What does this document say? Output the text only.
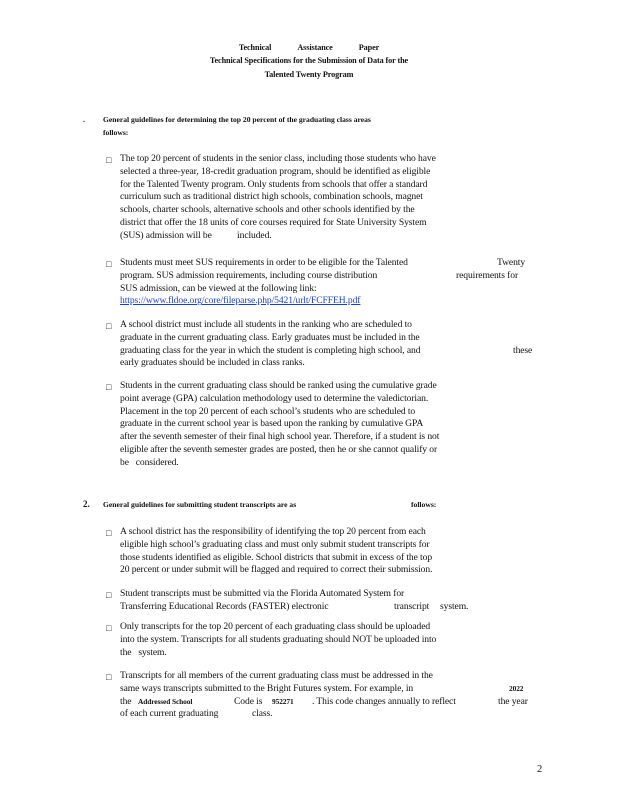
Technical	Assistance	Paper
Technical Specifications for the Submission of Data for the
Talented Twenty Program
. General guidelines for determining the top 20 percent of the graduating class areas
follows:
□ The top 20 percent of students in the senior class, including those students who have

selected a three-year, 18-credit graduation program, should be identified as eligible

for the Talented Twenty program. Only students from schools that offer a standard

curriculum such as traditional district high schools, combination schools, magnet

schools, charter schools, alternative schools and other schools identified by the

district that offer the 18 units of core courses required for State University System

(SUS) admission will be           included.

□ Students must meet SUS requirements in order to be eligible for the Talented	Twenty

program. SUS admission requirements, including course distribution	requirements for

SUS admission, can be viewed at the following link:

https://www.fldoe.org/core/fileparse.php/5421/urlt/FCFFEH.pdf

□ A school district must include all students in the ranking who are scheduled to

graduate in the current graduating class. Early graduates must be included in the

graduating class for the year in which the student is completing high school, and	these

early graduates should be included in class ranks.

□ Students in the current graduating class should be ranked using the cumulative grade

point average (GPA) calculation methodology used to determine the valedictorian.

Placement in the top 20 percent of each school’s students who are scheduled to

graduate in the current school year is based upon the ranking by cumulative GPA

after the seventh semester of their final high school year. Therefore, if a student is not

eligible after the seventh semester grades are posted, then he or she cannot qualify or

be   considered.

2. General guidelines for submitting student transcripts are as	follows:
□ A school district has the responsibility of identifying the top 20 percent from each

eligible high school’s graduating class and must only submit student transcripts for

those students identified as eligible. School districts that submit in excess of the top

20 percent or under submit will be flagged and required to correct their submission.

□ Student transcripts must be submitted via the Florida Automated System for

Transferring Educational Records (FASTER) electronic	transcript system.

□ Only transcripts for the top 20 percent of each graduating class should be uploaded

into the system. Transcripts for all students graduating should NOT be uploaded into

the   system.

□ Transcripts for all members of the current graduating class must be addressed in the

same ways transcripts submitted to the Bright Futures system. For example, in	2022

the Addressed School	Code is 952271 . This code changes annually to reflect	the year

of each current graduating	class.

2
